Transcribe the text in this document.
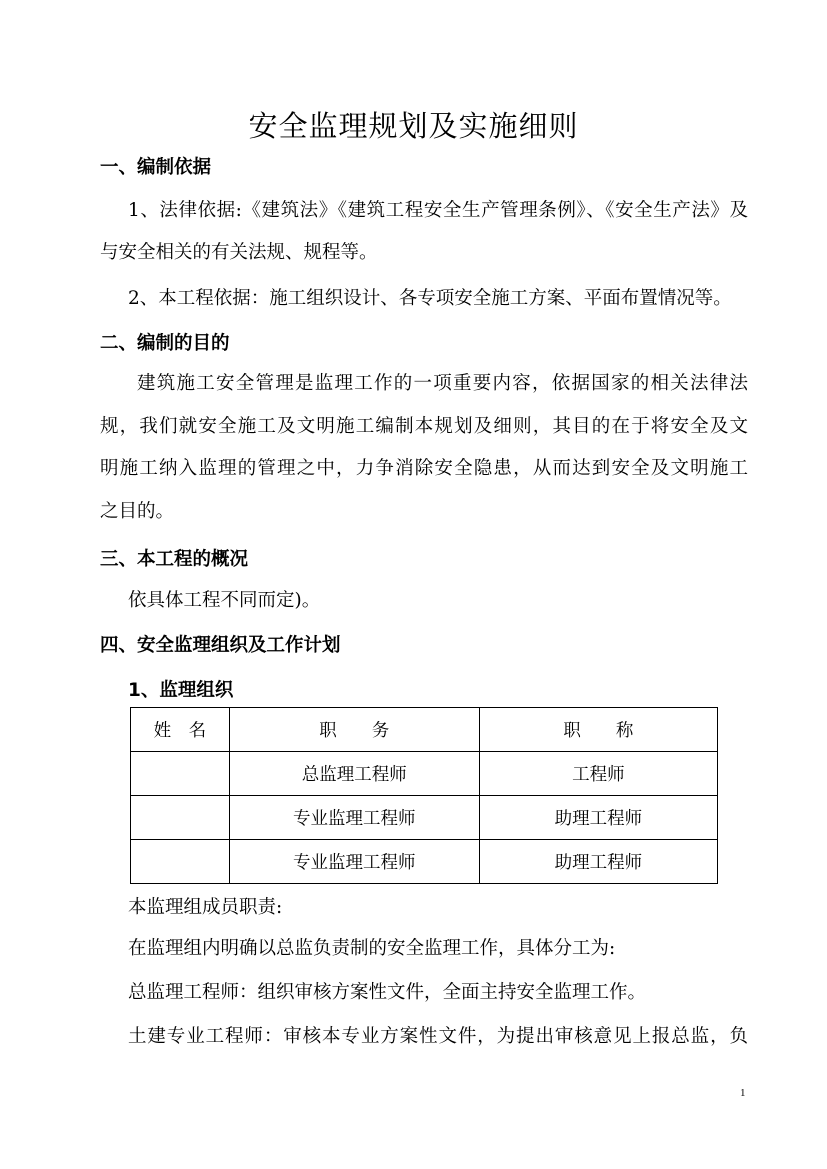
安全监理规划及实施细则
一、编制依据
1、法律依据:《建筑法》《建筑工程安全生产管理条例》、《安全生产法》及
与安全相关的有关法规、规程等。
2、本工程依据：施工组织设计、各专项安全施工方案、平面布置情况等。
二、编制的目的
建筑施工安全管理是监理工作的一项重要内容，依据国家的相关法律法
规，我们就安全施工及文明施工编制本规划及细则，其目的在于将安全及文
明施工纳入监理的管理之中，力争消除安全隐患，从而达到安全及文明施工
之目的。
三、本工程的概况
依具体工程不同而定)。
四、安全监理组织及工作计划
1、监理组织
姓　名	职　　务	职　　称
	总监理工程师	工程师
	专业监理工程师	助理工程师
	专业监理工程师	助理工程师
本监理组成员职责:
在监理组内明确以总监负责制的安全监理工作，具体分工为:
总监理工程师：组织审核方案性文件，全面主持安全监理工作。
土建专业工程师：审核本专业方案性文件，为提出审核意见上报总监，负
1
